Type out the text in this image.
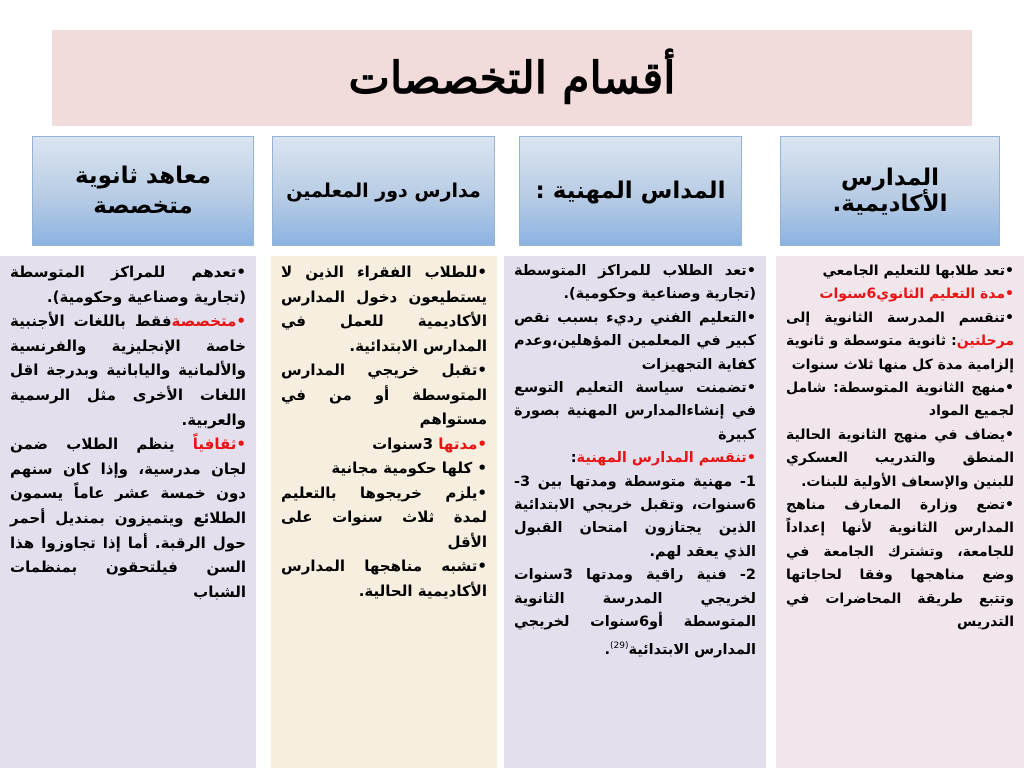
أقسام التخصصات
المدارس الأكاديمية.
المداس المهنية :
مدارس دور المعلمين
معاهد ثانوية متخصصة

•تعد طلابها للتعليم الجامعي

•مدة التعليم الثانوي6سنوات

•تنقسم المدرسة الثانوية إلى مرحلتين: ثانوية متوسطة و ثانوية إلزامية مدة كل منها ثلاث سنوات

•منهج الثانوية المتوسطة: شامل لجميع المواد

•يضاف في منهج الثانوية الحالية المنطق والتدريب العسكري للبنين والإسعاف الأولية للبنات.

•تضع وزارة المعارف مناهج المدارس الثانوية لأنها إعداداً للجامعة، وتشترك الجامعة في وضع مناهجها وفقا لحاجاتها وتتبع طريقة المحاضرات في التدريس

•تعد الطلاب للمراكز المتوسطة (تجارية وصناعية وحكومية).

•التعليم الفني رديء بسبب نقص كبير في المعلمين المؤهلين،وعدم كفاية التجهيزات

•تضمنت سياسة التعليم التوسع في إنشاءالمدارس المهنية بصورة كبيرة

•تنقسم المدارس المهنية:

1- مهنية متوسطة ومدتها بين 3-6سنوات، وتقبل خريجي الابتدائية الذين يجتازون امتحان القبول الذي يعقد لهم.

2- فنية راقية ومدتها 3سنوات لخريجي المدرسة الثانوية المتوسطة أو6سنوات لخريجي المدارس الابتدائية$^{(29)}$.

•للطلاب الفقراء الذين لا يستطيعون دخول المدارس الأكاديمية للعمل في المدارس الابتدائية.

•تقبل خريجي المدارس المتوسطة أو من في مستواهم

•مدتها 3سنوات

• كلها حكومية مجانية

•يلزم خريجوها بالتعليم لمدة ثلاث سنوات على الأقل

•تشبه مناهجها المدارس الأكاديمية الحالية.

•تعدهم للمراكز المتوسطة (تجارية وصناعية وحكومية).

•متخصصةفقط باللغات الأجنبية خاصة الإنجليزية والفرنسية والألمانية واليابانية وبدرجة اقل اللغات الأخرى مثل الرسمية والعربية.

•ثقافياً ينظم الطلاب ضمن لجان مدرسية، وإذا كان سنهم دون خمسة عشر عاماً يسمون الطلائع ويتميزون بمنديل أحمر حول الرقبة. أما إذا تجاوزوا هذا السن فيلتحقون بمنظمات الشباب
